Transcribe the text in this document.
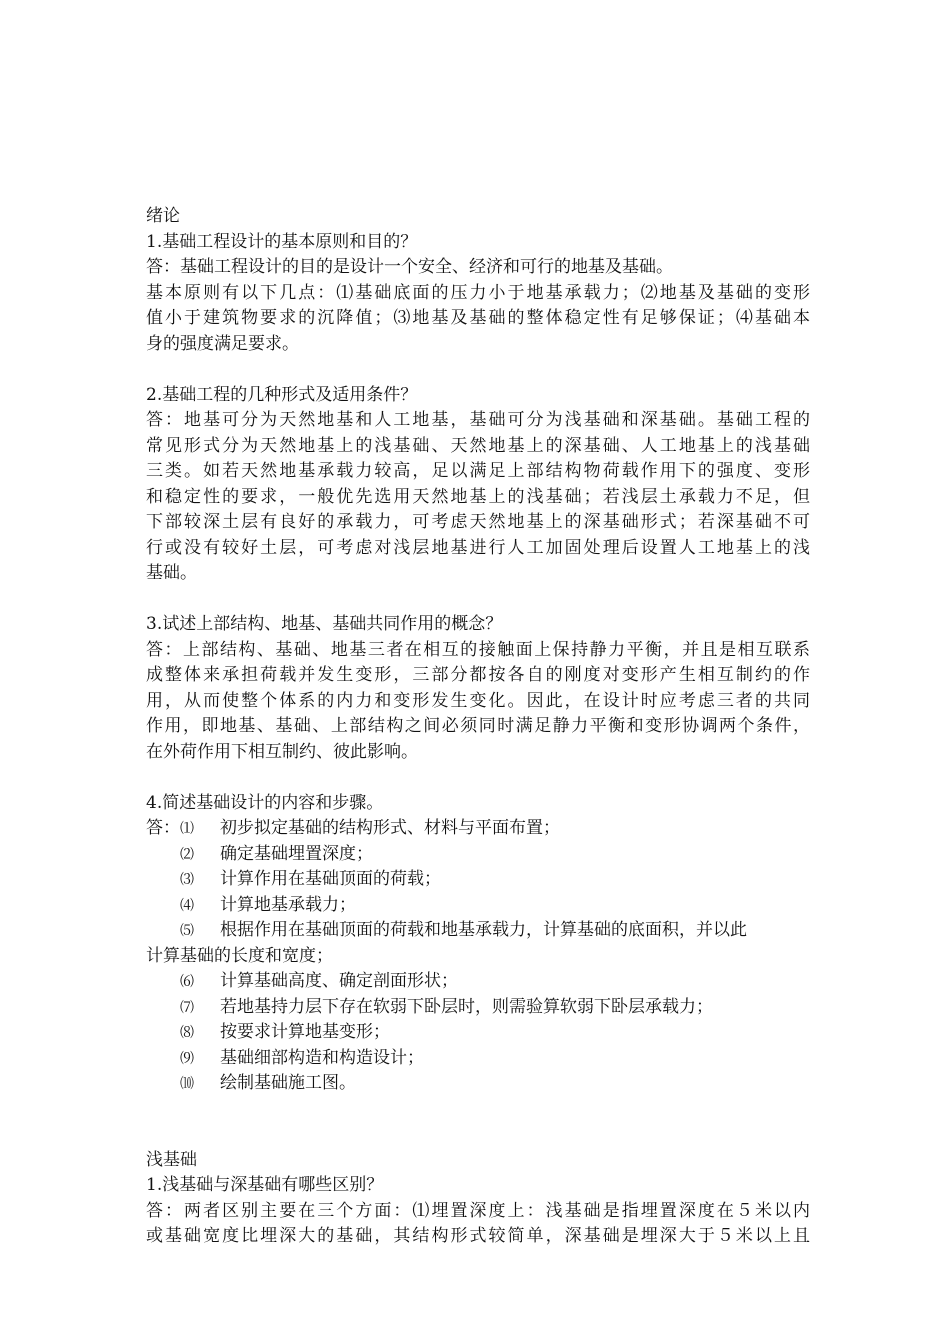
绪论
1.基础工程设计的基本原则和目的？
答：基础工程设计的目的是设计一个安全、经济和可行的地基及基础。
基本原则有以下几点：⑴基础底面的压力小于地基承载力；⑵地基及基础的变形
值小于建筑物要求的沉降值；⑶地基及基础的整体稳定性有足够保证；⑷基础本
身的强度满足要求。
2.基础工程的几种形式及适用条件？
答：地基可分为天然地基和人工地基，基础可分为浅基础和深基础。基础工程的
常见形式分为天然地基上的浅基础、天然地基上的深基础、人工地基上的浅基础
三类。如若天然地基承载力较高，足以满足上部结构物荷载作用下的强度、变形
和稳定性的要求，一般优先选用天然地基上的浅基础；若浅层土承载力不足，但
下部较深土层有良好的承载力，可考虑天然地基上的深基础形式；若深基础不可
行或没有较好土层，可考虑对浅层地基进行人工加固处理后设置人工地基上的浅
基础。
3.试述上部结构、地基、基础共同作用的概念？
答：上部结构、基础、地基三者在相互的接触面上保持静力平衡，并且是相互联系
成整体来承担荷载并发生变形，三部分都按各自的刚度对变形产生相互制约的作
用，从而使整个体系的内力和变形发生变化。因此，在设计时应考虑三者的共同
作用，即地基、基础、上部结构之间必须同时满足静力平衡和变形协调两个条件，
在外荷作用下相互制约、彼此影响。
4.简述基础设计的内容和步骤。
答：⑴ 初步拟定基础的结构形式、材料与平面布置；
⑵ 确定基础埋置深度；
⑶ 计算作用在基础顶面的荷载；
⑷ 计算地基承载力；
⑸ 根据作用在基础顶面的荷载和地基承载力，计算基础的底面积，并以此
计算基础的长度和宽度；
⑹ 计算基础高度、确定剖面形状；
⑺ 若地基持力层下存在软弱下卧层时，则需验算软弱下卧层承载力；
⑻ 按要求计算地基变形；
⑼ 基础细部构造和构造设计；
⑽ 绘制基础施工图。
浅基础
1.浅基础与深基础有哪些区别？
答：两者区别主要在三个方面：⑴埋置深度上：浅基础是指埋置深度在５米以内
或基础宽度比埋深大的基础，其结构形式较简单，深基础是埋深大于５米以上且
